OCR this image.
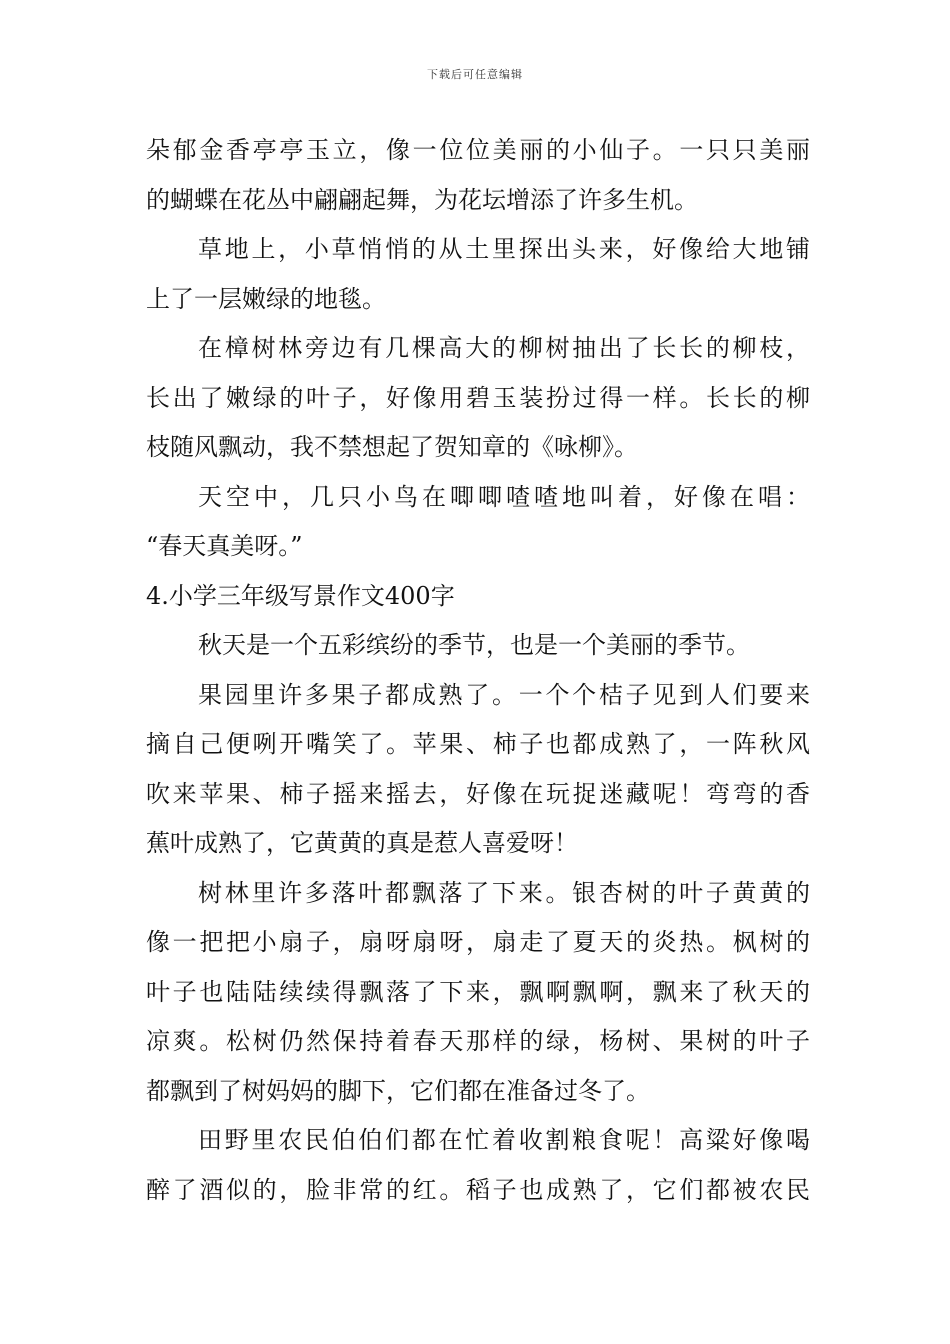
下载后可任意编辑
朵郁金香亭亭玉立，像一位位美丽的小仙子。一只只美丽
的蝴蝶在花丛中翩翩起舞，为花坛增添了许多生机。
草地上，小草悄悄的从土里探出头来，好像给大地铺
上了一层嫩绿的地毯。
在樟树林旁边有几棵高大的柳树抽出了长长的柳枝，
长出了嫩绿的叶子，好像用碧玉装扮过得一样。长长的柳
枝随风飘动，我不禁想起了贺知章的《咏柳》。
天空中，几只小鸟在唧唧喳喳地叫着，好像在唱：
“春天真美呀。”
4.小学三年级写景作文400字
秋天是一个五彩缤纷的季节，也是一个美丽的季节。
果园里许多果子都成熟了。一个个桔子见到人们要来
摘自己便咧开嘴笑了。苹果、柿子也都成熟了，一阵秋风
吹来苹果、柿子摇来摇去，好像在玩捉迷藏呢！弯弯的香
蕉叶成熟了，它黄黄的真是惹人喜爱呀！
树林里许多落叶都飘落了下来。银杏树的叶子黄黄的
像一把把小扇子，扇呀扇呀，扇走了夏天的炎热。枫树的
叶子也陆陆续续得飘落了下来，飘啊飘啊，飘来了秋天的
凉爽。松树仍然保持着春天那样的绿，杨树、果树的叶子
都飘到了树妈妈的脚下，它们都在准备过冬了。
田野里农民伯伯们都在忙着收割粮食呢！高粱好像喝
醉了酒似的，脸非常的红。稻子也成熟了，它们都被农民
